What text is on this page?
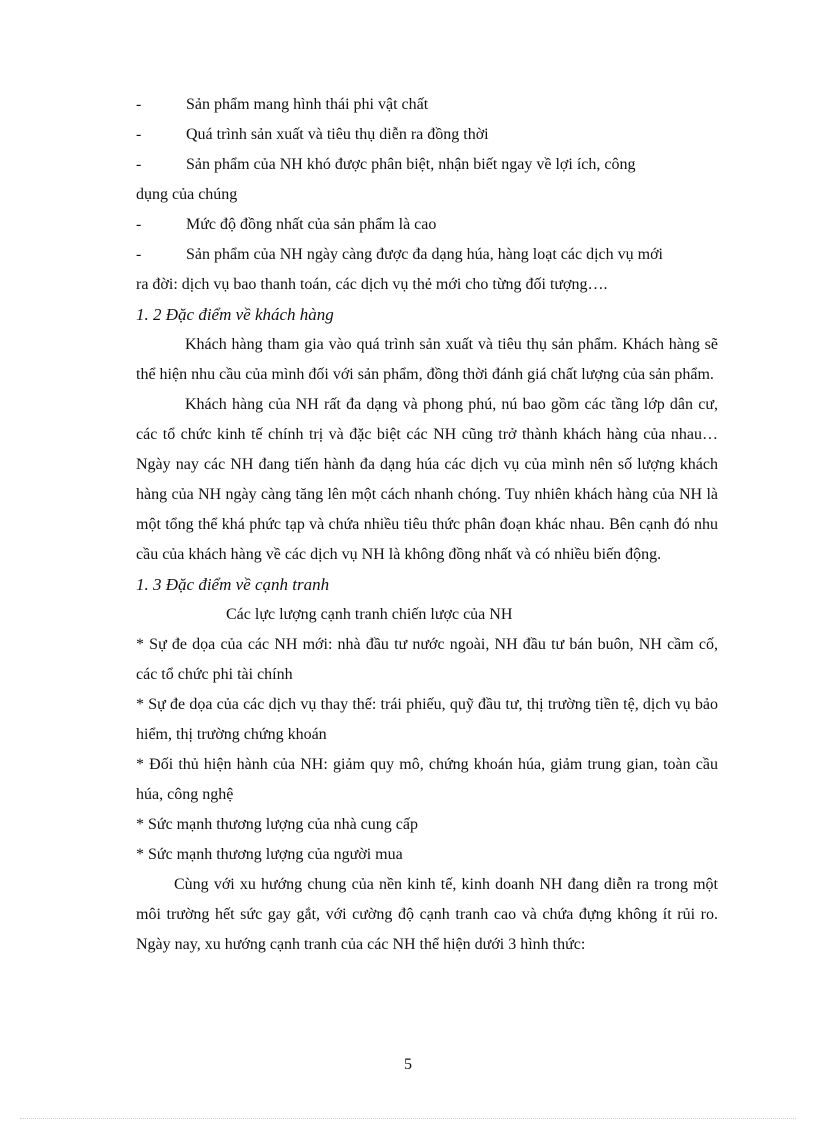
-	Sản phẩm mang hình thái phi vật chất
-	Quá trình sản xuất và tiêu thụ diễn ra đồng thời
-	Sản phẩm của NH khó được phân biệt, nhận biết ngay về lợi ích, công

dụng của chúng

-	Mức độ đồng nhất của sản phẩm là cao
-	Sản phẩm của NH ngày càng được đa dạng húa, hàng loạt các dịch vụ mới

ra đời: dịch vụ bao thanh toán, các dịch vụ thẻ mới cho từng đối tượng….

1. 2 Đặc điểm về khách hàng

Khách hàng tham gia vào quá trình sản xuất và tiêu thụ sản phẩm. Khách hàng sẽ thể hiện nhu cầu của mình đối với sản phẩm, đồng thời đánh giá chất lượng của sản phẩm.

Khách hàng của NH rất đa dạng và phong phú, nú bao gồm các tầng lớp dân cư, các tổ chức kinh tế chính trị và đặc biệt các NH cũng trở thành khách hàng của nhau…Ngày nay các NH đang tiến hành đa dạng húa các dịch vụ của mình nên số lượng khách hàng của NH ngày càng tăng lên một cách nhanh chóng. Tuy nhiên khách hàng của NH là một tổng thể khá phức tạp và chứa nhiều tiêu thức phân đoạn khác nhau. Bên cạnh đó nhu cầu của khách hàng về các dịch vụ NH là không đồng nhất và có nhiều biến động.

1. 3 Đặc điểm về cạnh tranh

Các lực lượng cạnh tranh chiến lược của NH

* Sự đe dọa của các NH mới: nhà đầu tư nước ngoài, NH đầu tư bán buôn, NH cầm cố, các tổ chức phi tài chính

* Sự đe dọa của các dịch vụ thay thế: trái phiếu, quỹ đầu tư, thị trường tiền tệ, dịch vụ bảo hiểm, thị trường chứng khoán

* Đối thủ hiện hành của NH: giảm quy mô, chứng khoán húa, giảm trung gian, toàn cầu húa, công nghệ

* Sức mạnh thương lượng của nhà cung cấp

* Sức mạnh thương lượng của người mua

Cùng với xu hướng chung của nền kinh tế, kinh doanh NH đang diễn ra trong một môi trường hết sức gay gắt, với cường độ cạnh tranh cao và chứa đựng không ít rủi ro. Ngày nay, xu hướng cạnh tranh của các NH thể hiện dưới 3 hình thức:

5
